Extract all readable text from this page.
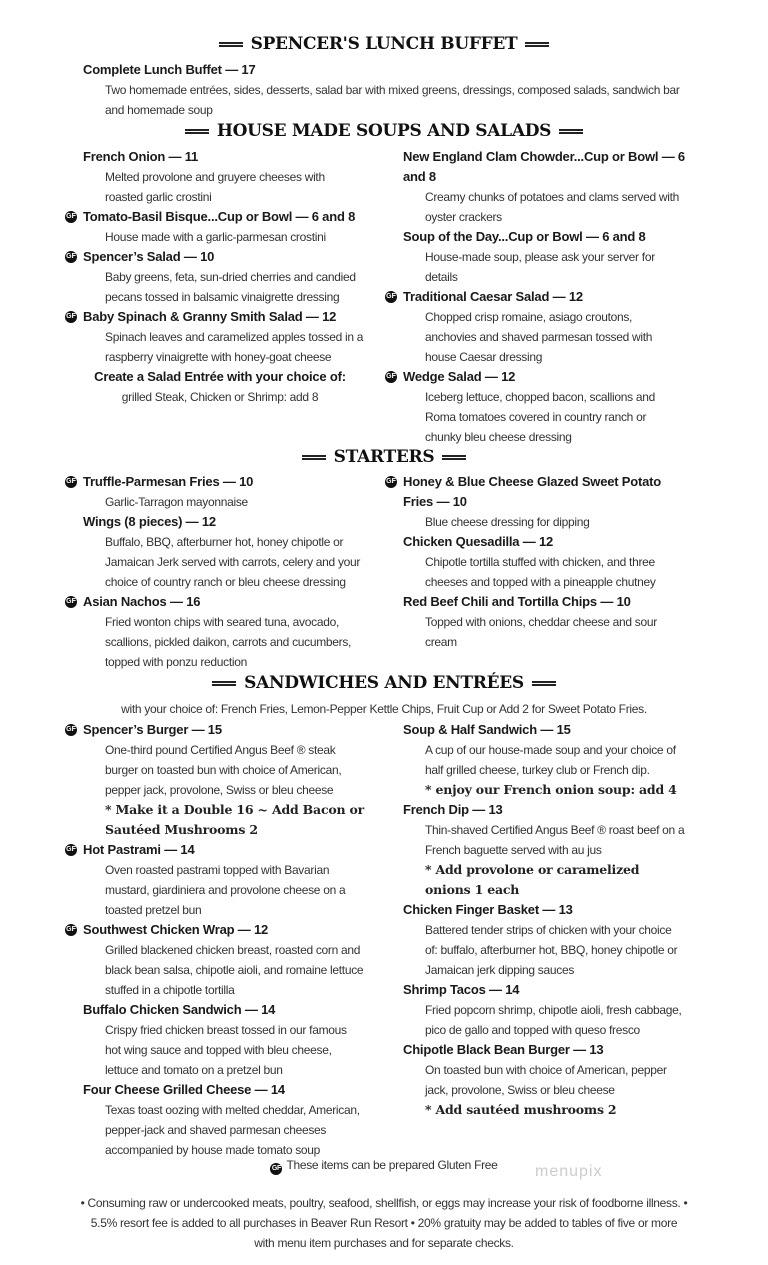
SPENCER'S LUNCH BUFFET
Complete Lunch Buffet — 17
Two homemade entrées, sides, desserts, salad bar with mixed greens, dressings, composed salads, sandwich bar and homemade soup
HOUSE MADE SOUPS AND SALADS
French Onion — 11
Melted provolone and gruyere cheeses with roasted garlic crostini
GF Tomato-Basil Bisque...Cup or Bowl — 6 and 8
House made with a garlic-parmesan crostini
GF Spencer’s Salad — 10
Baby greens, feta, sun-dried cherries and candied pecans tossed in balsamic vinaigrette dressing
GF Baby Spinach & Granny Smith Salad — 12
Spinach leaves and caramelized apples tossed in a raspberry vinaigrette with honey-goat cheese
Create a Salad Entrée with your choice of:
grilled Steak, Chicken or Shrimp: add 8
New England Clam Chowder...Cup or Bowl — 6 and 8
Creamy chunks of potatoes and clams served with oyster crackers
Soup of the Day...Cup or Bowl — 6 and 8
House-made soup, please ask your server for details
GF Traditional Caesar Salad — 12
Chopped crisp romaine, asiago croutons, anchovies and shaved parmesan tossed with house Caesar dressing
GF Wedge Salad — 12
Iceberg lettuce, chopped bacon, scallions and Roma tomatoes covered in country ranch or chunky bleu cheese dressing
STARTERS
GF Truffle-Parmesan Fries — 10
Garlic-Tarragon mayonnaise
Wings (8 pieces) — 12
Buffalo, BBQ, afterburner hot, honey chipotle or Jamaican Jerk served with carrots, celery and your choice of country ranch or bleu cheese dressing
GF Asian Nachos — 16
Fried wonton chips with seared tuna, avocado, scallions, pickled daikon, carrots and cucumbers, topped with ponzu reduction
GF Honey & Blue Cheese Glazed Sweet Potato Fries — 10
Blue cheese dressing for dipping
Chicken Quesadilla — 12
Chipotle tortilla stuffed with chicken, and three cheeses and topped with a pineapple chutney
Red Beef Chili and Tortilla Chips — 10
Topped with onions, cheddar cheese and sour cream
SANDWICHES AND ENTRÉES
with your choice of: French Fries, Lemon-Pepper Kettle Chips, Fruit Cup or Add 2 for Sweet Potato Fries.
GF Spencer’s Burger — 15
One-third pound Certified Angus Beef ® steak burger on toasted bun with choice of American, pepper jack, provolone, Swiss or bleu cheese
* Make it a Double 16 ~ Add Bacon or Sautéed Mushrooms 2
GF Hot Pastrami — 14
Oven roasted pastrami topped with Bavarian mustard, giardiniera and provolone cheese on a toasted pretzel bun
GF Southwest Chicken Wrap — 12
Grilled blackened chicken breast, roasted corn and black bean salsa, chipotle aioli, and romaine lettuce stuffed in a chipotle tortilla
Buffalo Chicken Sandwich — 14
Crispy fried chicken breast tossed in our famous hot wing sauce and topped with bleu cheese, lettuce and tomato on a pretzel bun
Four Cheese Grilled Cheese — 14
Texas toast oozing with melted cheddar, American, pepper-jack and shaved parmesan cheeses accompanied by house made tomato soup
Soup & Half Sandwich — 15
A cup of our house-made soup and your choice of half grilled cheese, turkey club or French dip.
* enjoy our French onion soup: add 4
French Dip — 13
Thin-shaved Certified Angus Beef ® roast beef on a French baguette served with au jus
* Add provolone or caramelized onions 1 each
Chicken Finger Basket — 13
Battered tender strips of chicken with your choice of: buffalo, afterburner hot, BBQ, honey chipotle or Jamaican jerk dipping sauces
Shrimp Tacos — 14
Fried popcorn shrimp, chipotle aioli, fresh cabbage, pico de gallo and topped with queso fresco
Chipotle Black Bean Burger — 13
On toasted bun with choice of American, pepper jack, provolone, Swiss or bleu cheese
* Add sautéed mushrooms 2
GF These items can be prepared Gluten Free	menupix
• Consuming raw or undercooked meats, poultry, seafood, shellfish, or eggs may increase your risk of foodborne illness. • 5.5% resort fee is added to all purchases in Beaver Run Resort • 20% gratuity may be added to tables of five or more with menu item purchases and for separate checks.
